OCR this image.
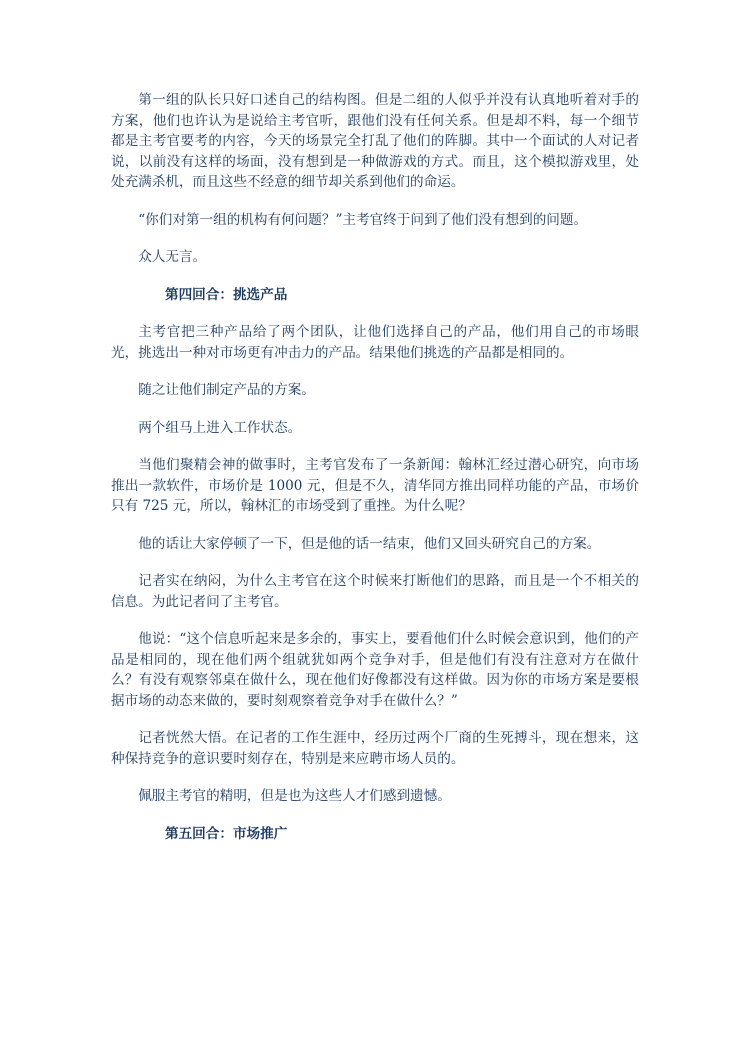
第一组的队长只好口述自己的结构图。但是二组的人似乎并没有认真地听着对手的方案，他们也许认为是说给主考官听，跟他们没有任何关系。但是却不料，每一个细节都是主考官要考的内容，今天的场景完全打乱了他们的阵脚。其中一个面试的人对记者说，以前没有这样的场面，没有想到是一种做游戏的方式。而且，这个模拟游戏里，处处充满杀机，而且这些不经意的细节却关系到他们的命运。

“你们对第一组的机构有何问题？”主考官终于问到了他们没有想到的问题。

众人无言。

第四回合：挑选产品

主考官把三种产品给了两个团队，让他们选择自己的产品，他们用自己的市场眼光，挑选出一种对市场更有冲击力的产品。结果他们挑选的产品都是相同的。

随之让他们制定产品的方案。

两个组马上进入工作状态。

当他们聚精会神的做事时，主考官发布了一条新闻：翰林汇经过潜心研究，向市场推出一款软件，市场价是 1000 元，但是不久，清华同方推出同样功能的产品，市场价只有 725 元，所以，翰林汇的市场受到了重挫。为什么呢？

他的话让大家停顿了一下，但是他的话一结束，他们又回头研究自己的方案。

记者实在纳闷，为什么主考官在这个时候来打断他们的思路，而且是一个不相关的信息。为此记者问了主考官。

他说：“这个信息听起来是多余的，事实上，要看他们什么时候会意识到，他们的产品是相同的，现在他们两个组就犹如两个竞争对手，但是他们有没有注意对方在做什么？有没有观察邻桌在做什么，现在他们好像都没有这样做。因为你的市场方案是要根据市场的动态来做的，要时刻观察着竞争对手在做什么？”

记者恍然大悟。在记者的工作生涯中，经历过两个厂商的生死搏斗，现在想来，这种保持竞争的意识要时刻存在，特别是来应聘市场人员的。

佩服主考官的精明，但是也为这些人才们感到遗憾。

第五回合：市场推广
